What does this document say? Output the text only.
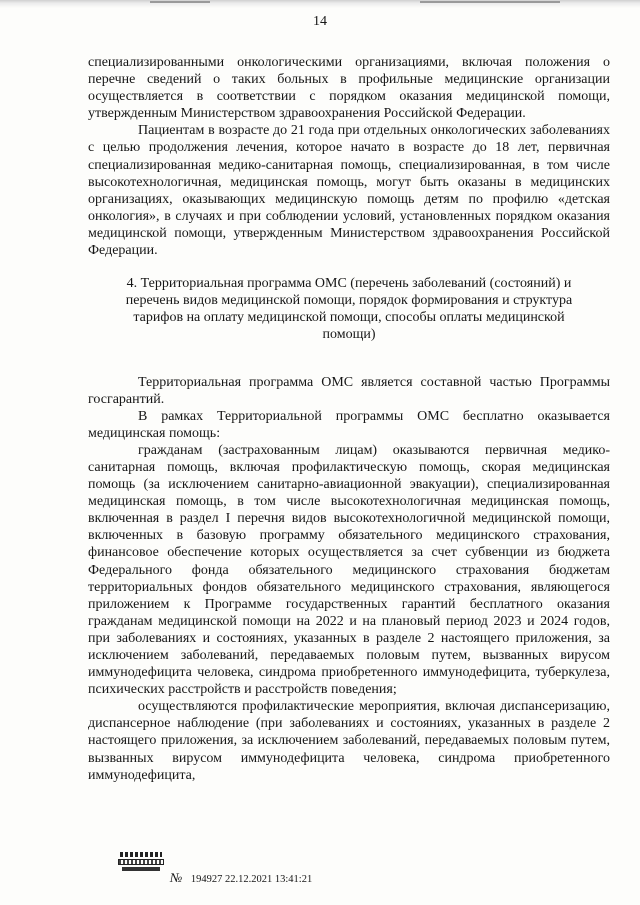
14

специализированными онкологическими организациями, включая положения о перечне сведений о таких больных в профильные медицинские организации осуществляется в соответствии с порядком оказания медицинской помощи, утвержденным Министерством здравоохранения Российской Федерации.

Пациентам в возрасте до 21 года при отдельных онкологических заболеваниях с целью продолжения лечения, которое начато в возрасте до 18 лет, первичная специализированная медико-санитарная помощь, специализированная, в том числе высокотехнологичная, медицинская помощь, могут быть оказаны в медицинских организациях, оказывающих медицинскую помощь детям по профилю «детская онкология», в случаях и при соблюдении условий, установленных порядком оказания медицинской помощи, утвержденным Министерством здравоохранения Российской Федерации.

4. Территориальная программа ОМС (перечень заболеваний (состояний) и перечень видов медицинской помощи, порядок формирования и структура тарифов на оплату медицинской помощи, способы оплаты медицинской помощи)

Территориальная программа ОМС является составной частью Программы госгарантий.

В рамках Территориальной программы ОМС бесплатно оказывается медицинская помощь:

гражданам (застрахованным лицам) оказываются первичная медико-санитарная помощь, включая профилактическую помощь, скорая медицинская помощь (за исключением санитарно-авиационной эвакуации), специализированная медицинская помощь, в том числе высокотехнологичная медицинская помощь, включенная в раздел I перечня видов высокотехнологичной медицинской помощи, включенных в базовую программу обязательного медицинского страхования, финансовое обеспечение которых осуществляется за счет субвенции из бюджета Федерального фонда обязательного медицинского страхования бюджетам территориальных фондов обязательного медицинского страхования, являющегося приложением к Программе государственных гарантий бесплатного оказания гражданам медицинской помощи на 2022 и на плановый период 2023 и 2024 годов, при заболеваниях и состояниях, указанных в разделе 2 настоящего приложения, за исключением заболеваний, передаваемых половым путем, вызванных вирусом иммунодефицита человека, синдрома приобретенного иммунодефицита, туберкулеза, психических расстройств и расстройств поведения;

осуществляются профилактические мероприятия, включая диспансеризацию, диспансерное наблюдение (при заболеваниях и состояниях, указанных в разделе 2 настоящего приложения, за исключением заболеваний, передаваемых половым путем, вызванных вирусом иммунодефицита человека, синдрома приобретенного иммунодефицита,

№ 194927 22.12.2021 13:41:21
